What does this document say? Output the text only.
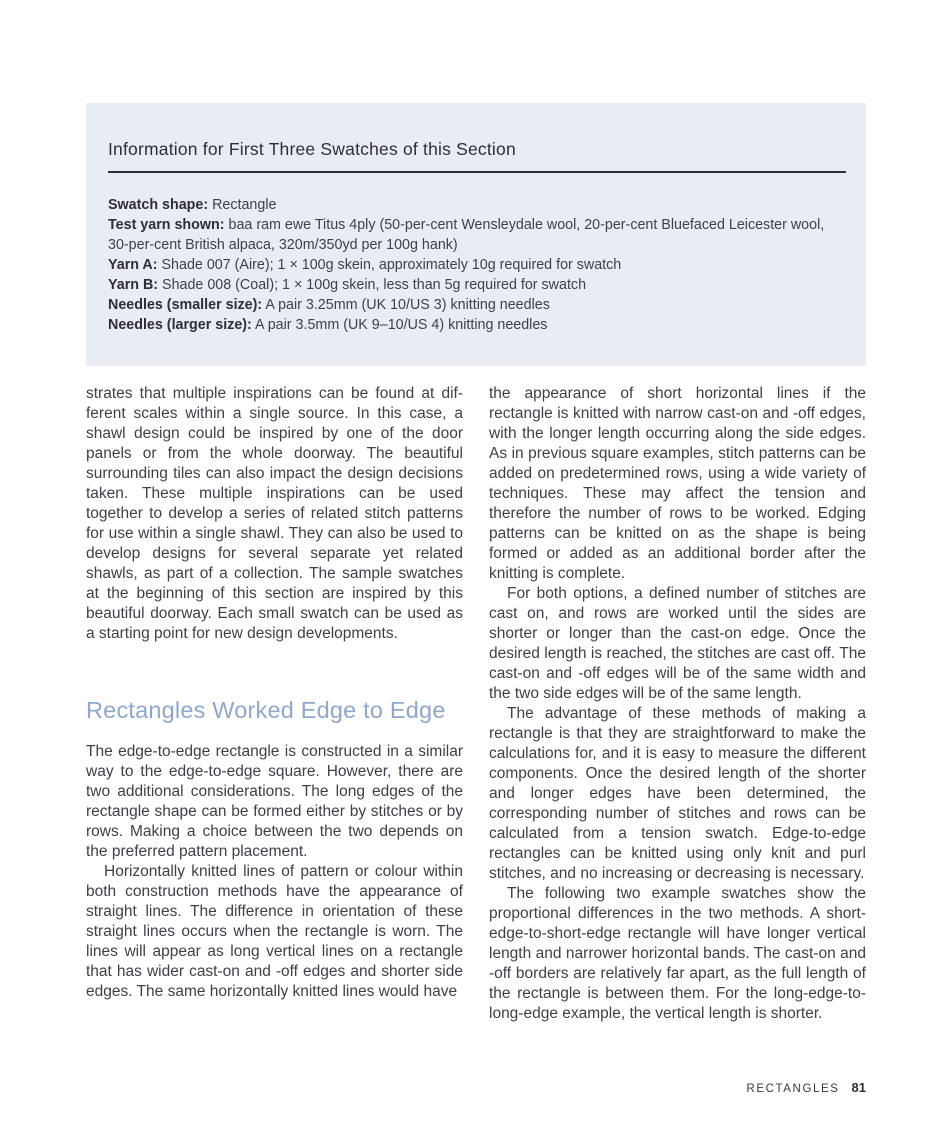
Information for First Three Swatches of this Section

Swatch shape: Rectangle

Test yarn shown: baa ram ewe Titus 4ply (50-per-cent Wensleydale wool, 20-per-cent Bluefaced Leicester wool, 30-per-cent British alpaca, 320m/350yd per 100g hank)

Yarn A: Shade 007 (Aire); 1 × 100g skein, approximately 10g required for swatch

Yarn B: Shade 008 (Coal); 1 × 100g skein, less than 5g required for swatch

Needles (smaller size): A pair 3.25mm (UK 10/US 3) knitting needles

Needles (larger size): A pair 3.5mm (UK 9–10/US 4) knitting needles

strates that multiple inspirations can be found at dif-ferent scales within a single source. In this case, a shawl design could be inspired by one of the door panels or from the whole doorway. The beautiful surrounding tiles can also impact the design decisions taken. These multiple inspirations can be used together to develop a series of related stitch patterns for use within a single shawl. They can also be used to develop designs for several separate yet related shawls, as part of a collection. The sample swatches at the beginning of this section are inspired by this beautiful doorway. Each small swatch can be used as a starting point for new design developments.

Rectangles Worked Edge to Edge

The edge-to-edge rectangle is constructed in a similar way to the edge-to-edge square. However, there are two additional considerations. The long edges of the rectangle shape can be formed either by stitches or by rows. Making a choice between the two depends on the preferred pattern placement.

Horizontally knitted lines of pattern or colour within both construction methods have the appearance of straight lines. The difference in orientation of these straight lines occurs when the rectangle is worn. The lines will appear as long vertical lines on a rectangle that has wider cast-on and -off edges and shorter side edges. The same horizontally knitted lines would have

the appearance of short horizontal lines if the rectangle is knitted with narrow cast-on and -off edges, with the longer length occurring along the side edges. As in previous square examples, stitch patterns can be added on predetermined rows, using a wide variety of techniques. These may affect the tension and therefore the number of rows to be worked. Edging patterns can be knitted on as the shape is being formed or added as an additional border after the knitting is complete.

For both options, a defined number of stitches are cast on, and rows are worked until the sides are shorter or longer than the cast-on edge. Once the desired length is reached, the stitches are cast off. The cast-on and -off edges will be of the same width and the two side edges will be of the same length.

The advantage of these methods of making a rectangle is that they are straightforward to make the calculations for, and it is easy to measure the different components. Once the desired length of the shorter and longer edges have been determined, the corresponding number of stitches and rows can be calculated from a tension swatch. Edge-to-edge rectangles can be knitted using only knit and purl stitches, and no increasing or decreasing is necessary.

The following two example swatches show the proportional differences in the two methods. A short-edge-to-short-edge rectangle will have longer vertical length and narrower horizontal bands. The cast-on and -off borders are relatively far apart, as the full length of the rectangle is between them. For the long-edge-to-long-edge example, the vertical length is shorter.

RECTANGLES 81
